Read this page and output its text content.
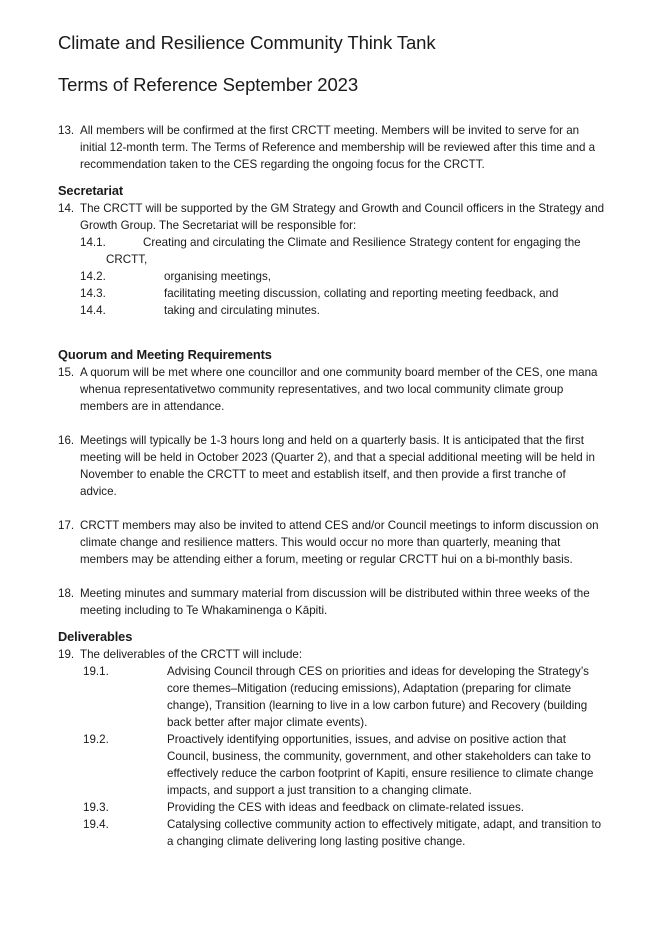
Climate and Resilience Community Think Tank
Terms of Reference September 2023

13. All members will be confirmed at the first CRCTT meeting. Members will be invited to serve for an initial 12-month term. The Terms of Reference and membership will be reviewed after this time and a recommendation taken to the CES regarding the ongoing focus for the CRCTT.

Secretariat

14. The CRCTT will be supported by the GM Strategy and Growth and Council officers in the Strategy and Growth Group. The Secretariat will be responsible for:

14.1.	Creating and circulating the Climate and Resilience Strategy content for engaging the
CRCTT,

14.2.	organising meetings,

14.3.	facilitating meeting discussion, collating and reporting meeting feedback, and

14.4.	taking and circulating minutes.

Quorum and Meeting Requirements

15. A quorum will be met where one councillor and one community board member of the CES, one mana whenua representativetwo community representatives, and two local community climate group members are in attendance.

16. Meetings will typically be 1-3 hours long and held on a quarterly basis. It is anticipated that the first meeting will be held in October 2023 (Quarter 2), and that a special additional meeting will be held in November to enable the CRCTT to meet and establish itself, and then provide a first tranche of advice.

17. CRCTT members may also be invited to attend CES and/or Council meetings to inform discussion on climate change and resilience matters. This would occur no more than quarterly, meaning that members may be attending either a forum, meeting or regular CRCTT hui on a bi-monthly basis.

18. Meeting minutes and summary material from discussion will be distributed within three weeks of the meeting including to Te Whakaminenga o Kāpiti.

Deliverables

19. The deliverables of the CRCTT will include:

19.1.	Advising Council through CES on priorities and ideas for developing the Strategy’s core themes–Mitigation (reducing emissions), Adaptation (preparing for climate change), Transition (learning to live in a low carbon future) and Recovery (building back better after major climate events).

19.2.	Proactively identifying opportunities, issues, and advise on positive action that Council, business, the community, government, and other stakeholders can take to effectively reduce the carbon footprint of Kapiti, ensure resilience to climate change impacts, and support a just transition to a changing climate.

19.3.	Providing the CES with ideas and feedback on climate-related issues.

19.4.	Catalysing collective community action to effectively mitigate, adapt, and transition to a changing climate delivering long lasting positive change.
